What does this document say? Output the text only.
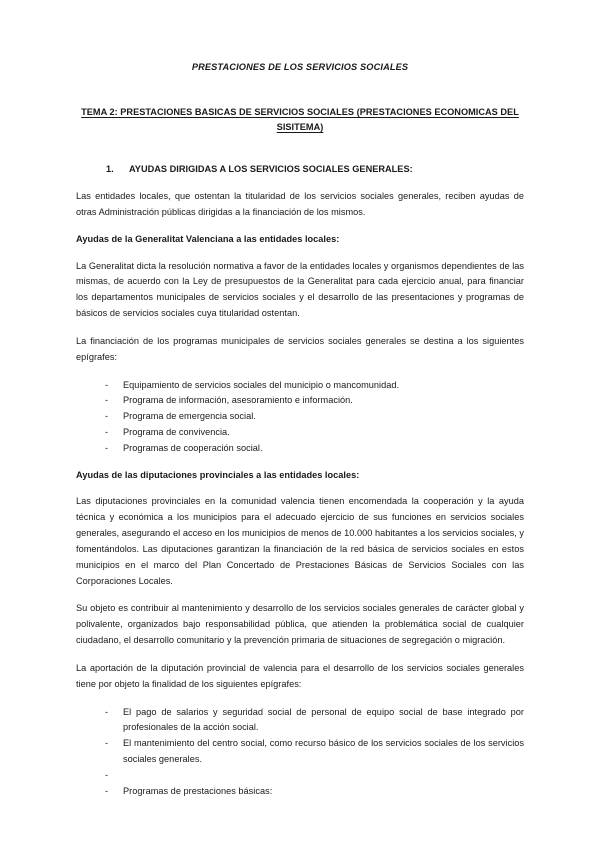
PRESTACIONES DE LOS SERVICIOS SOCIALES
TEMA 2: PRESTACIONES BASICAS DE SERVICIOS SOCIALES (PRESTACIONES ECONOMICAS DEL SISITEMA)
1.	AYUDAS DIRIGIDAS A LOS SERVICIOS SOCIALES GENERALES:

Las entidades locales, que ostentan la titularidad de los servicios sociales generales, reciben ayudas de otras Administración públicas dirigidas a la financiación de los mismos.

Ayudas de la Generalitat Valenciana a las entidades locales:

La Generalitat dicta la resolución normativa a favor de la entidades locales y organismos dependientes de las mismas, de acuerdo con la Ley de presupuestos de la Generalitat para cada ejercicio anual, para financiar los departamentos municipales de servicios sociales y el desarrollo de las presentaciones y programas de básicos de servicios sociales cuya titularidad ostentan.

La financiación de los programas municipales de servicios sociales generales se destina a los siguientes epígrafes:

-	Equipamiento de servicios sociales del municipio o mancomunidad.
-	Programa de información, asesoramiento e información.
-	Programa de emergencia social.
-	Programa de convivencia.
-	Programas de cooperación social.
Ayudas de las diputaciones provinciales a las entidades locales:

Las diputaciones provinciales en la comunidad valencia tienen encomendada la cooperación y la ayuda técnica y económica a los municipios para el adecuado ejercicio de sus funciones en servicios sociales generales, asegurando el acceso en los municipios de menos de 10.000 habitantes a los servicios sociales, y fomentándolos. Las diputaciones garantizan la financiación de la red básica de servicios sociales en estos municipios en el marco del Plan Concertado de Prestaciones Básicas de Servicios Sociales con las Corporaciones Locales.

Su objeto es contribuir al mantenimiento y desarrollo de los servicios sociales generales de carácter global y polivalente, organizados bajo responsabilidad pública, que atienden la problemática social de cualquier ciudadano, el desarrollo comunitario y la prevención primaria de situaciones de segregación o migración.

La aportación de la diputación provincial de valencia para el desarrollo de los servicios sociales generales tiene por objeto la finalidad de los siguientes epígrafes:

-	El pago de salarios y seguridad social de personal de equipo social de base integrado por profesionales de la acción social.
-	El mantenimiento del centro social, como recurso básico de los servicios sociales de los servicios sociales generales.
-
-	Programas de prestaciones básicas:
